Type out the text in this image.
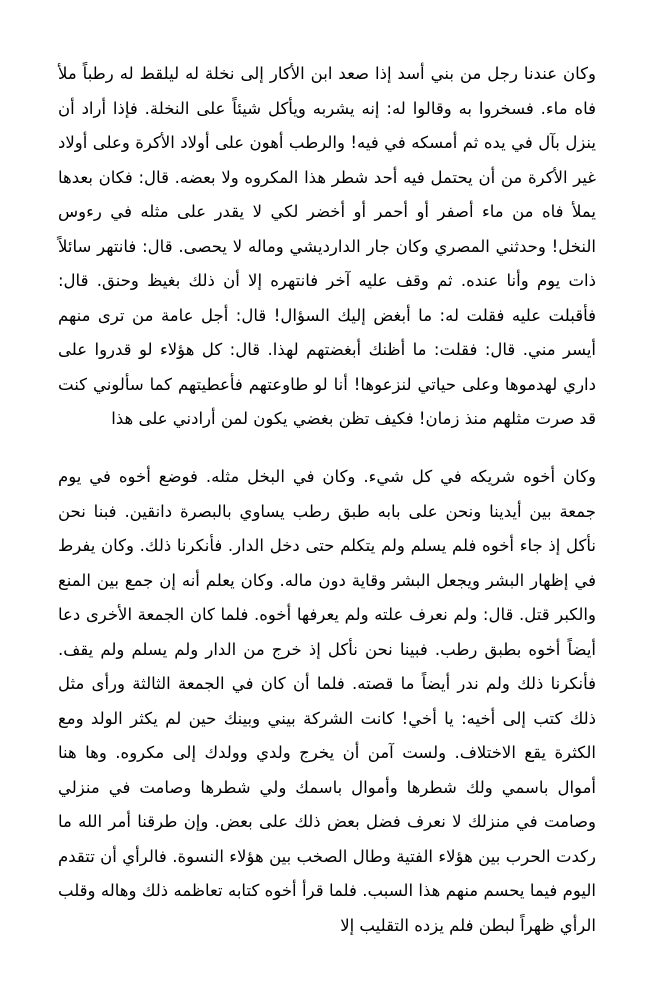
وكان عندنا رجل من بني أسد إذا صعد ابن الأكار إلى نخلة له ليلقط له رطباً ملأ فاه ماء. فسخروا به وقالوا له: إنه يشربه ويأكل شيئاً على النخلة. فإذا أراد أن ينزل بآل في يده ثم أمسكه في فيه! والرطب أهون على أولاد الأكرة وعلى أولاد غير الأكرة من أن يحتمل فيه أحد شطر هذا المكروه ولا بعضه. قال: فكان بعدها يملأ فاه من ماء أصفر أو أحمر أو أخضر لكي لا يقدر على مثله في رءوس النخل! وحدثني المصري وكان جار الدارديشي وماله لا يحصى. قال: فانتهر سائلاً ذات يوم وأنا عنده. ثم وقف عليه آخر فانتهره إلا أن ذلك بغيظ وحنق. قال: فأقبلت عليه فقلت له: ما أبغض إليك السؤال! قال: أجل عامة من ترى منهم أيسر مني. قال: فقلت: ما أظنك أبغضتهم لهذا. قال: كل هؤلاء لو قدروا على داري لهدموها وعلى حياتي لنزعوها! أنا لو طاوعتهم فأعطيتهم كما سألوني كنت قد صرت مثلهم منذ زمان! فكيف تظن بغضي يكون لمن أرادني على هذا

وكان أخوه شريكه في كل شيء. وكان في البخل مثله. فوضع أخوه في يوم جمعة بين أيدينا ونحن على بابه طبق رطب يساوي بالبصرة دانقين. فبنا نحن نأكل إذ جاء أخوه فلم يسلم ولم يتكلم حتى دخل الدار. فأنكرنا ذلك. وكان يفرط في إظهار البشر ويجعل البشر وقاية دون ماله. وكان يعلم أنه إن جمع بين المنع والكبر قتل. قال: ولم نعرف علته ولم يعرفها أخوه. فلما كان الجمعة الأخرى دعا أيضاً أخوه بطبق رطب. فبينا نحن نأكل إذ خرج من الدار ولم يسلم ولم يقف. فأنكرنا ذلك ولم ندر أيضاً ما قصته. فلما أن كان في الجمعة الثالثة ورأى مثل ذلك كتب إلى أخيه: يا أخي! كانت الشركة بيني وبينك حين لم يكثر الولد ومع الكثرة يقع الاختلاف. ولست آمن أن يخرج ولدي وولدك إلى مكروه. وها هنا أموال باسمي ولك شطرها وأموال باسمك ولي شطرها وصامت في منزلي وصامت في منزلك لا نعرف فضل بعض ذلك على بعض. وإن طرقنا أمر الله ما ركدت الحرب بين هؤلاء الفتية وطال الصخب بين هؤلاء النسوة. فالرأي أن تتقدم اليوم فيما يحسم منهم هذا السبب. فلما قرأ أخوه كتابه تعاظمه ذلك وهاله وقلب الرأي ظهراً لبطن فلم يزده التقليب إلا
